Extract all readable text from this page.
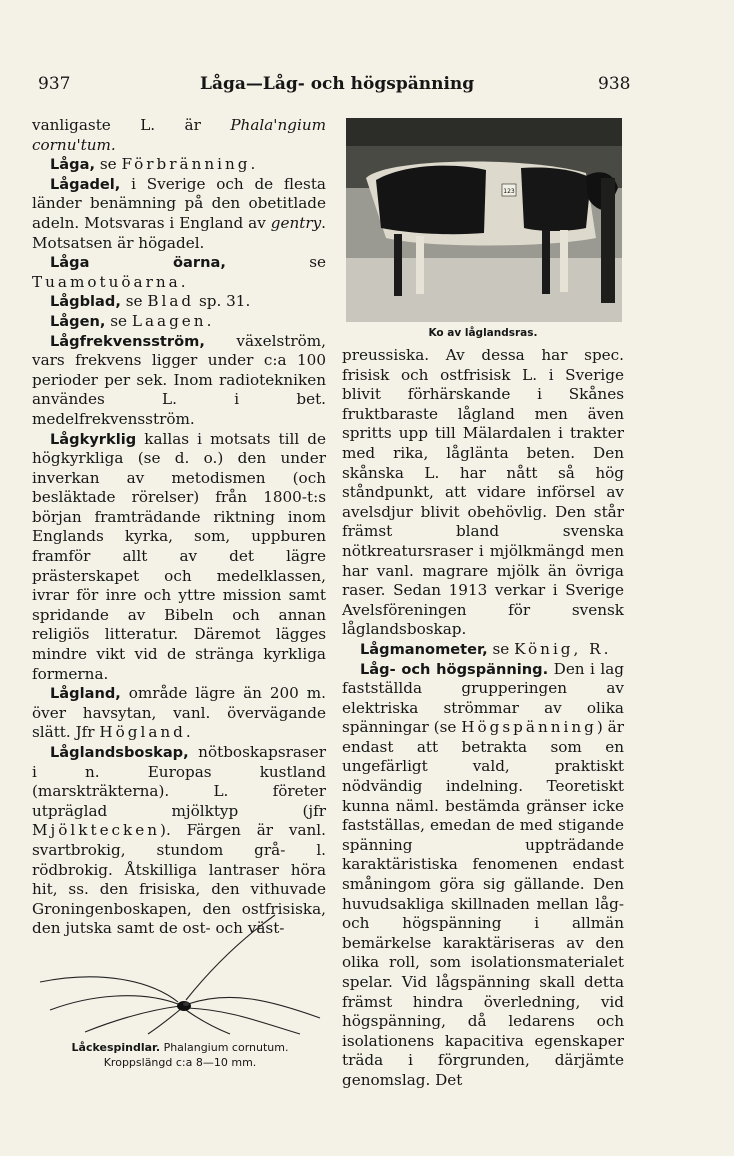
937	Låga—Låg- och högspänning	938

vanligaste L. är Phala'ngium cornu'tum.

Låga, se Förbränning.

Lågadel, i Sverige och de flesta länder benämning på den obetitlade adeln. Motsvaras i England av gentry. Motsatsen är högadel.

Låga öarna, se Tuamotuöarna.

Lågblad, se Blad sp. 31.

Lågen, se Laagen.

Lågfrekvensström, växelström, vars frekvens ligger under c:a 100 perioder per sek. Inom radiotekniken användes L. i bet. medelfrekvensström.

Lågkyrklig kallas i motsats till de högkyrkliga (se d. o.) den under inverkan av metodismen (och besläktade rörelser) från 1800-t:s början framträdande riktning inom Englands kyrka, som, uppburen framför allt av det lägre prästerskapet och medelklassen, ivrar för inre och yttre mission samt spridande av Bibeln och annan religiös litteratur. Däremot lägges mindre vikt vid de stränga kyrkliga formerna.

Lågland, område lägre än 200 m. över havsytan, vanl. övervägande slätt. Jfr Högland.

Låglandsboskap, nötboskapsraser i n. Europas kustland (marskträkterna). L. företer utpräglad mjölktyp (jfr Mjölktecken). Färgen är vanl. svartbrokig, stundom grå- l. rödbrokig. Åtskilliga lantraser höra hit, ss. den frisiska, den vithuvade Groningenboskapen, den ostfrisiska, den jutska samt de ost- och väst-

Låckespindlar. Phalangium cornutum.
Kroppslängd c:a 8—10 mm.
123
Ko av låglandsras.

preussiska. Av dessa har spec. frisisk och ostfrisisk L. i Sverige blivit förhärskande i Skånes fruktbaraste lågland men även spritts upp till Mälardalen i trakter med rika, låglänta beten. Den skånska L. har nått så hög ståndpunkt, att vidare införsel av avelsdjur blivit obehövlig. Den står främst bland svenska nötkreatursraser i mjölkmängd men har vanl. magrare mjölk än övriga raser. Sedan 1913 verkar i Sverige Avelsföreningen för svensk låglandsboskap.

Lågmanometer, se König, R.

Låg- och högspänning. Den i lag fastställda grupperingen av elektriska strömmar av olika spänningar (se Högspänning) är endast att betrakta som en ungefärligt vald, praktiskt nödvändig indelning. Teoretiskt kunna näml. bestämda gränser icke fastställas, emedan de med stigande spänning uppträdande karaktäristiska fenomenen endast småningom göra sig gällande. Den huvudsakliga skillnaden mellan låg- och högspänning i allmän bemärkelse karaktäriseras av den olika roll, som isolationsmaterialet spelar. Vid lågspänning skall detta främst hindra överledning, vid högspänning, då ledarens och isolationens kapacitiva egenskaper träda i förgrunden, därjämte genomslag. Det
